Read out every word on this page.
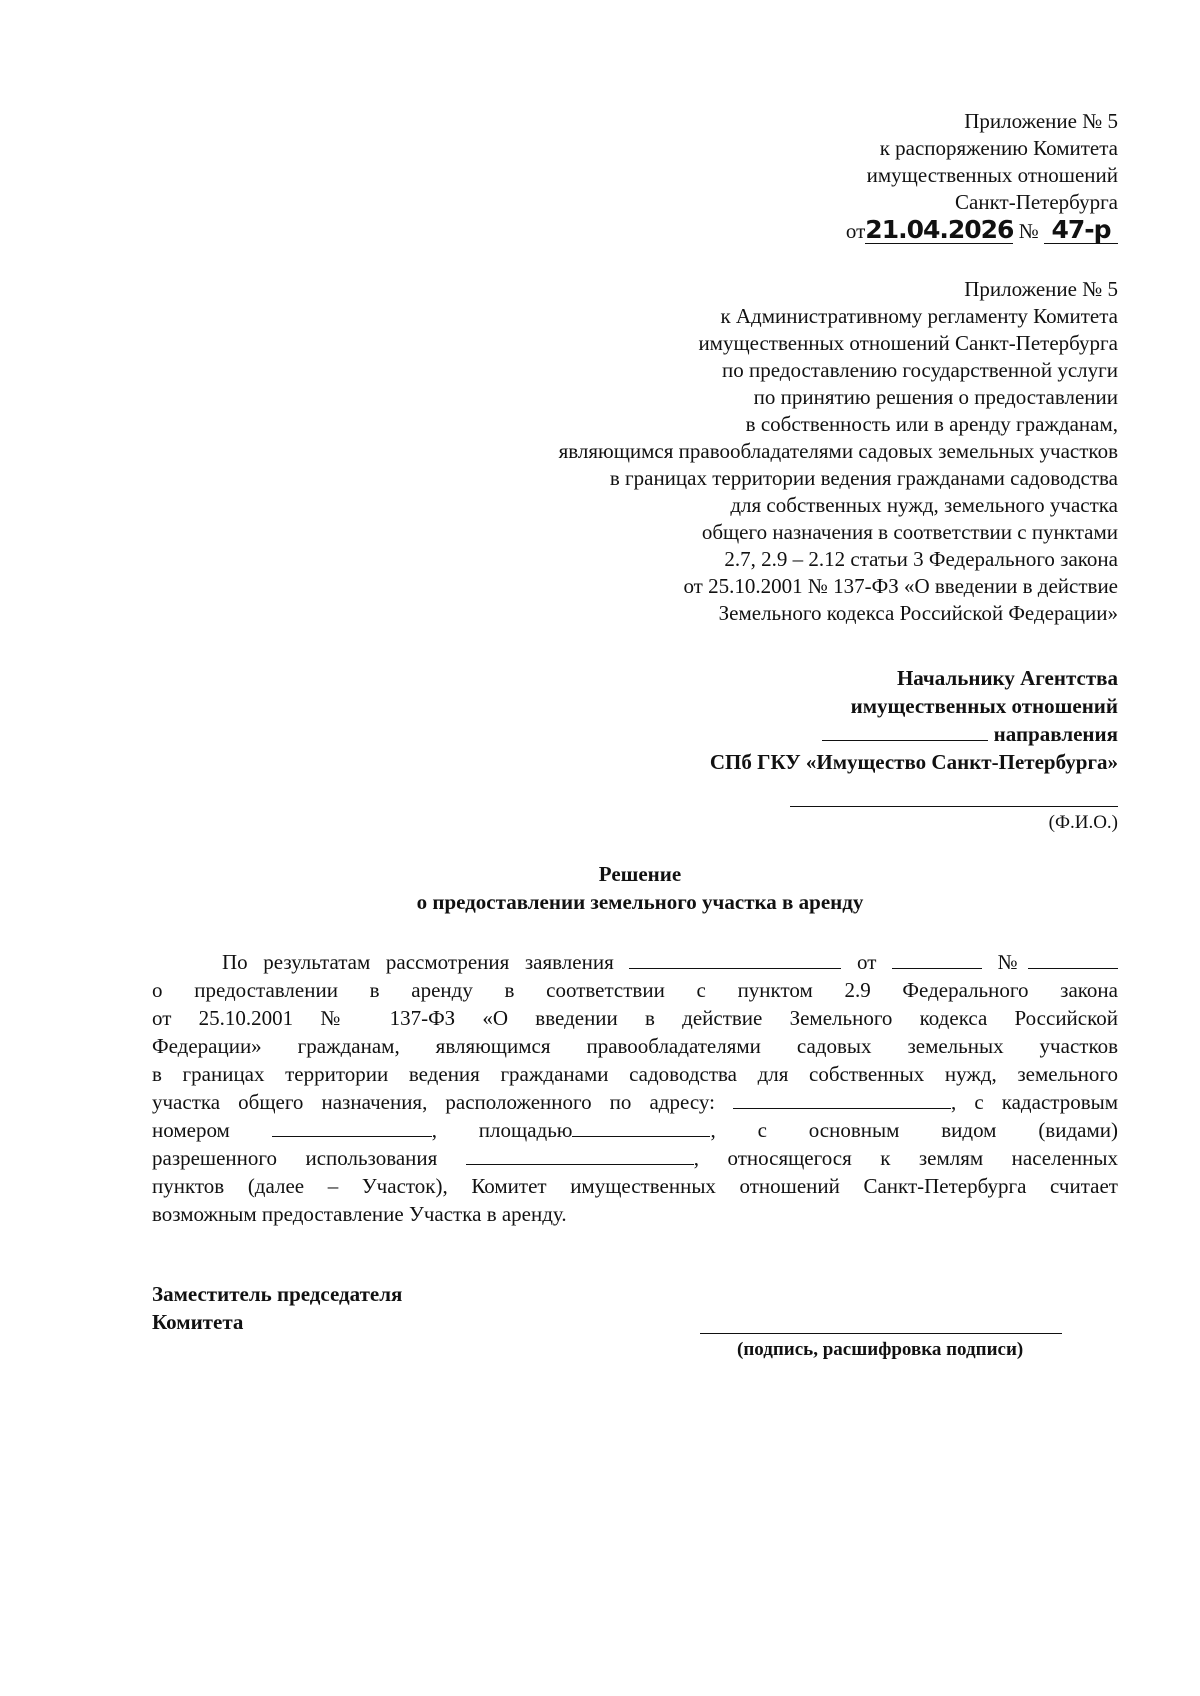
Приложение № 5
к распоряжению Комитета
имущественных отношений
Санкт-Петербурга
от21.04.2026 № 47-р
Приложение № 5
к Административному регламенту Комитета
имущественных отношений Санкт-Петербурга
по предоставлению государственной услуги
по принятию решения о предоставлении
в собственность или в аренду гражданам,
являющимся правообладателями садовых земельных участков
в границах территории ведения гражданами садоводства
для собственных нужд, земельного участка
общего назначения в соответствии с пунктами
2.7, 2.9 – 2.12 статьи 3 Федерального закона
от 25.10.2001 № 137-ФЗ «О введении в действие
Земельного кодекса Российской Федерации»
Начальнику Агентства
имущественных отношений
направления
СПб ГКУ «Имущество Санкт-Петербурга»
(Ф.И.О.)
Решение
о предоставлении земельного участка в аренду
По результатам рассмотрения заявления	от	№
о предоставлении в аренду в соответствии с пунктом 2.9 Федерального закона
от 25.10.2001 № 137-ФЗ «О введении в действие Земельного кодекса Российской
Федерации» гражданам, являющимся правообладателями садовых земельных участков
в границах территории ведения гражданами садоводства для собственных нужд, земельного
участка общего назначения, расположенного по адресу:	, с кадастровым
номером	, площадью	, с основным видом (видами)
разрешенного использования	, относящегося к землям населенных
пунктов (далее – Участок), Комитет имущественных отношений Санкт-Петербурга считает
возможным предоставление Участка в аренду.
Заместитель председателя
Комитета
(подпись, расшифровка подписи)
